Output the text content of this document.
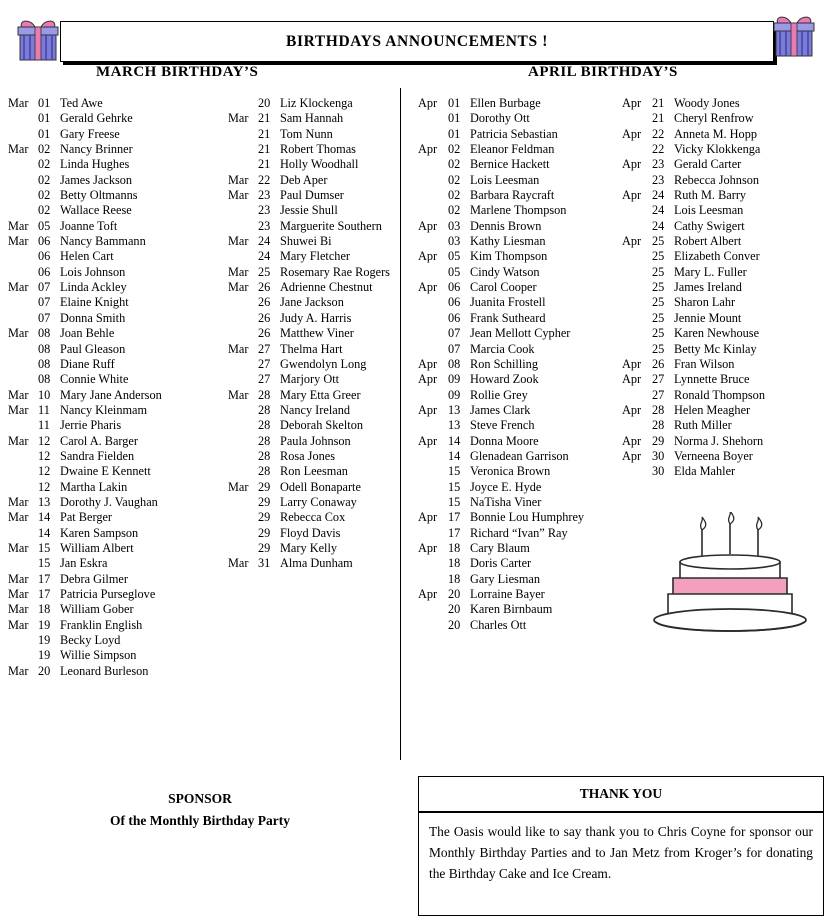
BIRTHDAYS ANNOUNCEMENTS !
MARCH BIRTHDAY’S	APRIL BIRTHDAY’S
Mar 01 Ted Awe
01 Gerald Gehrke
01 Gary Freese
Mar 02 Nancy Brinner
02 Linda Hughes
02 James Jackson
02 Betty Oltmanns
02 Wallace Reese
Mar 05 Joanne Toft
Mar 06 Nancy Bammann
06 Helen Cart
06 Lois Johnson
Mar 07 Linda Ackley
07 Elaine Knight
07 Donna Smith
Mar 08 Joan Behle
08 Paul Gleason
08 Diane Ruff
08 Connie White
Mar 10 Mary Jane Anderson
Mar 11 Nancy Kleinmam
11 Jerrie Pharis
Mar 12 Carol A. Barger
12 Sandra Fielden
12 Dwaine E Kennett
12 Martha Lakin
Mar 13 Dorothy J. Vaughan
Mar 14 Pat Berger
14 Karen Sampson
Mar 15 William Albert
15 Jan Eskra
Mar 17 Debra Gilmer
Mar 17 Patricia Purseglove
Mar 18 William Gober
Mar 19 Franklin English
19 Becky Loyd
19 Willie Simpson
Mar 20 Leonard Burleson
20 Liz Klockenga
Mar 21 Sam Hannah
21 Tom Nunn
21 Robert Thomas
21 Holly Woodhall
Mar 22 Deb Aper
Mar 23 Paul Dumser
23 Jessie Shull
23 Marguerite Southern
Mar 24 Shuwei Bi
24 Mary Fletcher
Mar 25 Rosemary Rae Rogers
Mar 26 Adrienne Chestnut
26 Jane Jackson
26 Judy A. Harris
26 Matthew Viner
Mar 27 Thelma Hart
27 Gwendolyn Long
27 Marjory Ott
Mar 28 Mary Etta Greer
28 Nancy Ireland
28 Deborah Skelton
28 Paula Johnson
28 Rosa Jones
28 Ron Leesman
Mar 29 Odell Bonaparte
29 Larry Conaway
29 Rebecca Cox
29 Floyd Davis
29 Mary Kelly
Mar 31 Alma Dunham
Apr 01 Ellen Burbage
01 Dorothy Ott
01 Patricia Sebastian
Apr 02 Eleanor Feldman
02 Bernice Hackett
02 Lois Leesman
02 Barbara Raycraft
02 Marlene Thompson
Apr 03 Dennis Brown
03 Kathy Liesman
Apr 05 Kim Thompson
05 Cindy Watson
Apr 06 Carol Cooper
06 Juanita Frostell
06 Frank Sutheard
07 Jean Mellott Cypher
07 Marcia Cook
Apr 08 Ron Schilling
Apr 09 Howard Zook
09 Rollie Grey
Apr 13 James Clark
13 Steve French
Apr 14 Donna Moore
14 Glenadean Garrison
15 Veronica Brown
15 Joyce E. Hyde
15 NaTisha Viner
Apr 17 Bonnie Lou Humphrey
17 Richard “Ivan” Ray
Apr 18 Cary Blaum
18 Doris Carter
18 Gary Liesman
Apr 20 Lorraine Bayer
20 Karen Birnbaum
20 Charles Ott
Apr 21 Woody Jones
21 Cheryl Renfrow
Apr 22 Anneta M. Hopp
22 Vicky Klokkenga
Apr 23 Gerald Carter
23 Rebecca Johnson
Apr 24 Ruth M. Barry
24 Lois Leesman
24 Cathy Swigert
Apr 25 Robert Albert
25 Elizabeth Conver
25 Mary L. Fuller
25 James Ireland
25 Sharon Lahr
25 Jennie Mount
25 Karen Newhouse
25 Betty Mc Kinlay
Apr 26 Fran Wilson
Apr 27 Lynnette Bruce
27 Ronald Thompson
Apr 28 Helen Meagher
28 Ruth Miller
Apr 29 Norma J. Shehorn
Apr 30 Verneena Boyer
30 Elda Mahler
SPONSOR
Of the Monthly Birthday Party
THANK YOU
The Oasis would like to say thank you to Chris Coyne for sponsor our Monthly Birthday Parties and to Jan Metz from Kroger’s for donating the Birthday Cake and Ice Cream.
